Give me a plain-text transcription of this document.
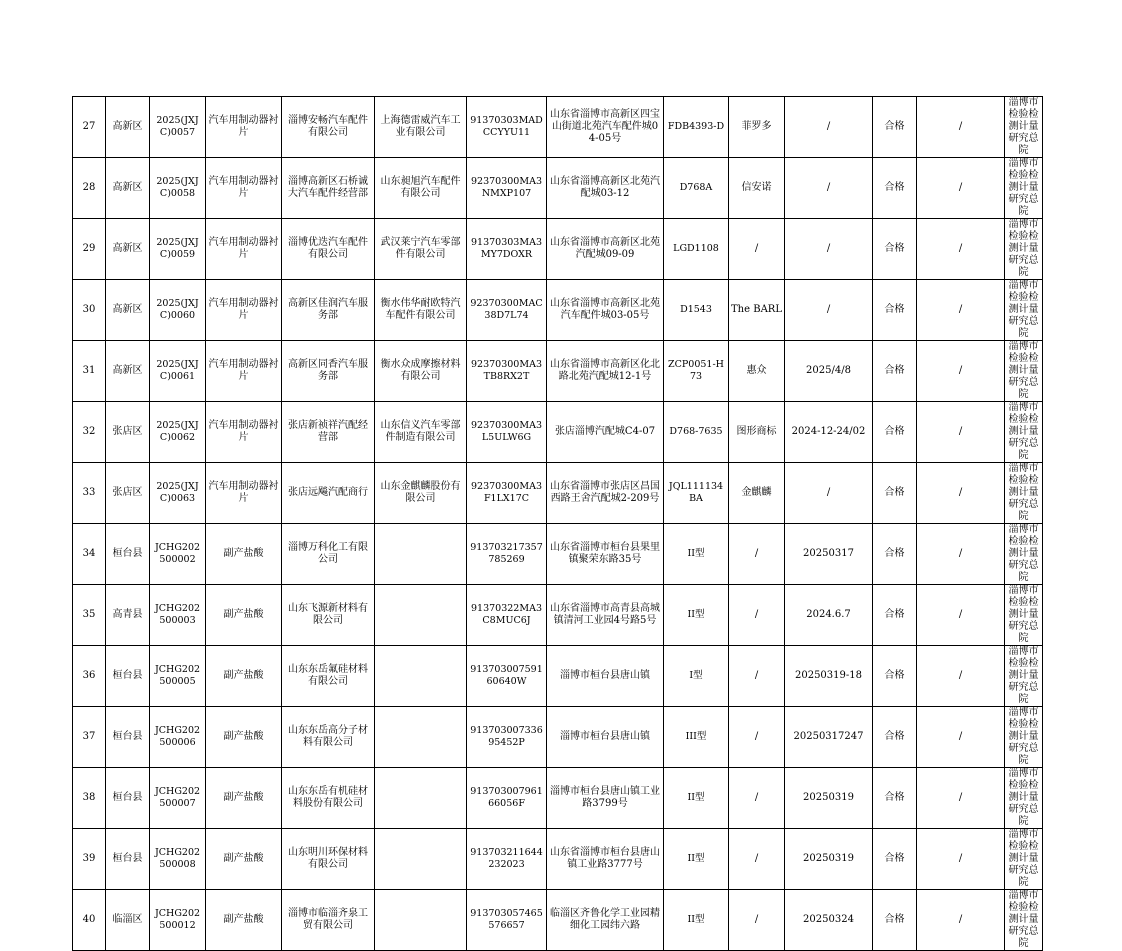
27	高新区	2025(JXJC)0057	汽车用制动器衬片	淄博安畅汽车配件有限公司	上海德雷威汽车工业有限公司	91370303MADCCYYU11	山东省淄博市高新区四宝山街道北苑汽车配件城04-05号	FDB4393-D	菲罗多	/	合格	/	淄博市检验检测计量研究总院
28	高新区	2025(JXJC)0058	汽车用制动器衬片	淄博高新区石桥诚大汽车配件经营部	山东昶旭汽车配件有限公司	92370300MA3NMXP107	山东省淄博高新区北苑汽配城03-12	D768A	信安诺	/	合格	/	淄博市检验检测计量研究总院
29	高新区	2025(JXJC)0059	汽车用制动器衬片	淄博优迭汽车配件有限公司	武汉莱宁汽车零部件有限公司	91370303MA3MY7DOXR	山东省淄博市高新区北苑汽配城09-09	LGD1108	/	/	合格	/	淄博市检验检测计量研究总院
30	高新区	2025(JXJC)0060	汽车用制动器衬片	高新区佳润汽车服务部	衡水伟华耐欧特汽车配件有限公司	92370300MAC38D7L74	山东省淄博市高新区北苑汽车配件城03-05号	D1543	The BARL	/	合格	/	淄博市检验检测计量研究总院
31	高新区	2025(JXJC)0061	汽车用制动器衬片	高新区同香汽车服务部	衡水众成摩擦材料有限公司	92370300MA3TB8RX2T	山东省淄博市高新区化北路北苑汽配城12-1号	ZCP0051-H73	惠众	2025/4/8	合格	/	淄博市检验检测计量研究总院
32	张店区	2025(JXJC)0062	汽车用制动器衬片	张店新祯祥汽配经营部	山东信义汽车零部件制造有限公司	92370300MA3L5ULW6G	张店淄博汽配城C4-07	D768-7635	图形商标	2024-12-24/02	合格	/	淄博市检验检测计量研究总院
33	张店区	2025(JXJC)0063	汽车用制动器衬片	张店远飚汽配商行	山东金麒麟股份有限公司	92370300MA3F1LX17C	山东省淄博市张店区昌国西路王舍汽配城2-209号	JQL111134BA	金麒麟	/	合格	/	淄博市检验检测计量研究总院
34	桓台县	JCHG202500002	副产盐酸	淄博万科化工有限公司		913703217357785269	山东省淄博市桓台县果里镇聚荣东路35号	II型	/	20250317	合格	/	淄博市检验检测计量研究总院
35	高青县	JCHG202500003	副产盐酸	山东飞源新材料有限公司		91370322MA3C8MUC6J	山东省淄博市高青县高城镇清河工业园4号路5号	II型	/	2024.6.7	合格	/	淄博市检验检测计量研究总院
36	桓台县	JCHG202500005	副产盐酸	山东东岳氟硅材料有限公司		91370300759160640W	淄博市桓台县唐山镇	I型	/	20250319-18	合格	/	淄博市检验检测计量研究总院
37	桓台县	JCHG202500006	副产盐酸	山东东岳高分子材料有限公司		91370300733695452P	淄博市桓台县唐山镇	III型	/	20250317247	合格	/	淄博市检验检测计量研究总院
38	桓台县	JCHG202500007	副产盐酸	山东东岳有机硅材料股份有限公司		91370300796166056F	淄博市桓台县唐山镇工业路3799号	II型	/	20250319	合格	/	淄博市检验检测计量研究总院
39	桓台县	JCHG202500008	副产盐酸	山东明川环保材料有限公司		913703211644232023	山东省淄博市桓台县唐山镇工业路3777号	II型	/	20250319	合格	/	淄博市检验检测计量研究总院
40	临淄区	JCHG202500012	副产盐酸	淄博市临淄齐泉工贸有限公司		913703057465576657	临淄区齐鲁化学工业园精细化工园纬六路	II型	/	20250324	合格	/	淄博市检验检测计量研究总院
